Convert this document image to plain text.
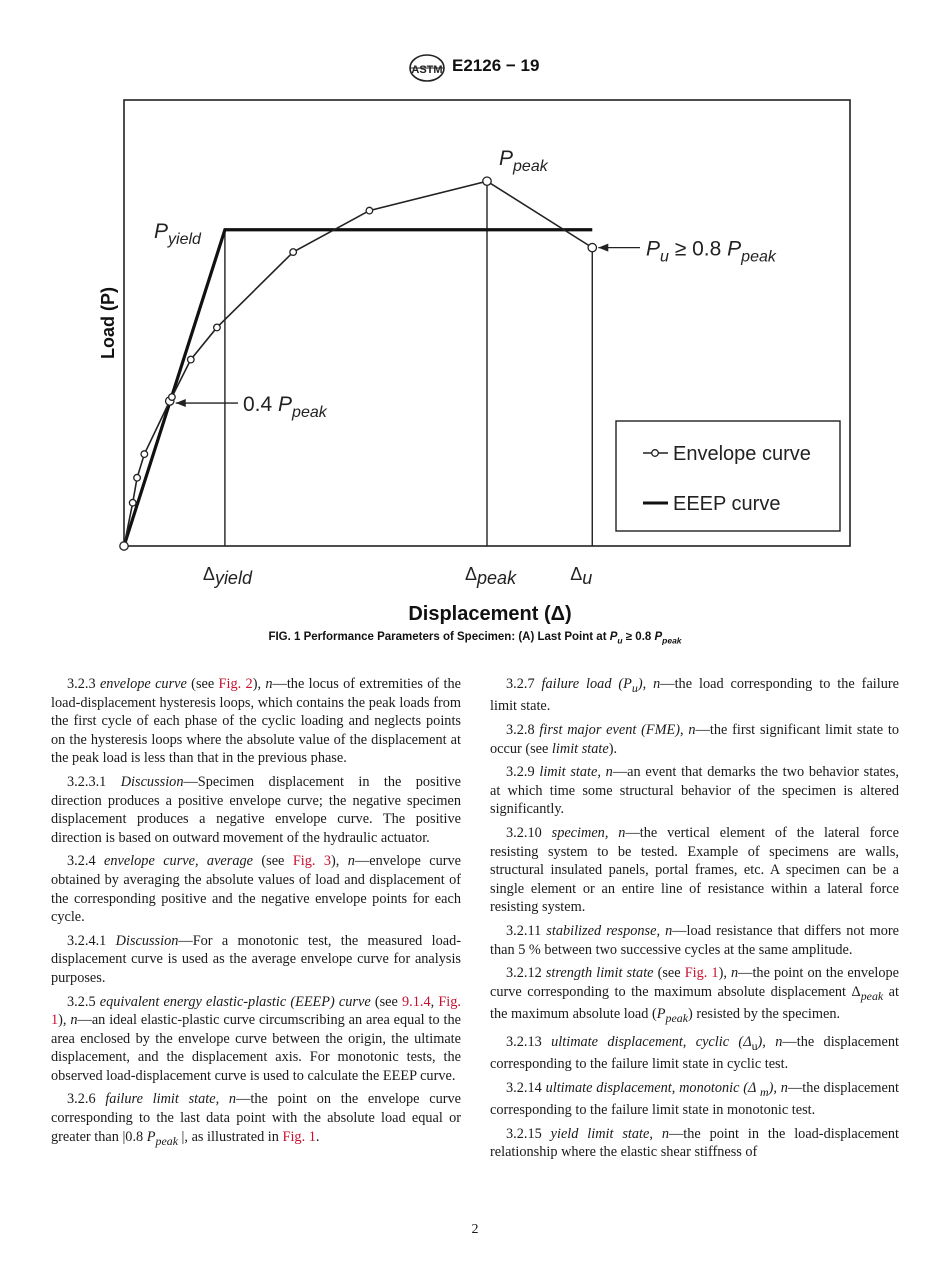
ASTM E2126 − 19
Δyield	Δpeak	Δu
$P_{peak}$
$P_{yield}$	$P_u \ge 0.8$ $P_{peak}$
0.4 $P_{peak}$
Envelope curve
EEEP curve
Displacement (Δ)
Load (P)
FIG. 1 Performance Parameters of Specimen: (A) Last Point at $P_u \ge 0.8$ $P_{peak}$

3.2.3 envelope curve (see Fig. 2), n—the locus of extremities of the load-displacement hysteresis loops, which contains the peak loads from the first cycle of each phase of the cyclic loading and neglects points on the hysteresis loops where the absolute value of the displacement at the peak load is less than that in the previous phase.

3.2.3.1 Discussion—Specimen displacement in the positive direction produces a positive envelope curve; the negative specimen displacement produces a negative envelope curve. The positive direction is based on outward movement of the hydraulic actuator.

3.2.4 envelope curve, average (see Fig. 3), n—envelope curve obtained by averaging the absolute values of load and displacement of the corresponding positive and the negative envelope points for each cycle.

3.2.4.1 Discussion—For a monotonic test, the measured load-displacement curve is used as the average envelope curve for analysis purposes.

3.2.5 equivalent energy elastic-plastic (EEEP) curve (see 9.1.4, Fig. 1), n—an ideal elastic-plastic curve circumscribing an area equal to the area enclosed by the envelope curve between the origin, the ultimate displacement, and the displacement axis. For monotonic tests, the observed load-displacement curve is used to calculate the EEEP curve.

3.2.6 failure limit state, n—the point on the envelope curve corresponding to the last data point with the absolute load equal or greater than |0.8 $P_{peak}$ |, as illustrated in Fig. 1.

3.2.7 failure load $(P_u)$, n—the load corresponding to the failure limit state.

3.2.8 first major event (FME), n—the first significant limit state to occur (see limit state).

3.2.9 limit state, n—an event that demarks the two behavior states, at which time some structural behavior of the specimen is altered significantly.

3.2.10 specimen, n—the vertical element of the lateral force resisting system to be tested. Example of specimens are walls, structural insulated panels, portal frames, etc. A specimen can be a single element or an entire line of resistance within a lateral force resisting system.

3.2.11 stabilized response, n—load resistance that differs not more than 5 % between two successive cycles at the same amplitude.

3.2.12 strength limit state (see Fig. 1), n—the point on the envelope curve corresponding to the maximum absolute displacement $\Delta_{peak}$ at the maximum absolute load $(P_{peak})$ resisted by the specimen.

3.2.13 ultimate displacement, cyclic $(\Delta_u)$, n—the displacement corresponding to the failure limit state in cyclic test.

3.2.14 ultimate displacement, monotonic (Δ $_m$), n—the displacement corresponding to the failure limit state in monotonic test.

3.2.15 yield limit state, n—the point in the load-displacement relationship where the elastic shear stiffness of

2
